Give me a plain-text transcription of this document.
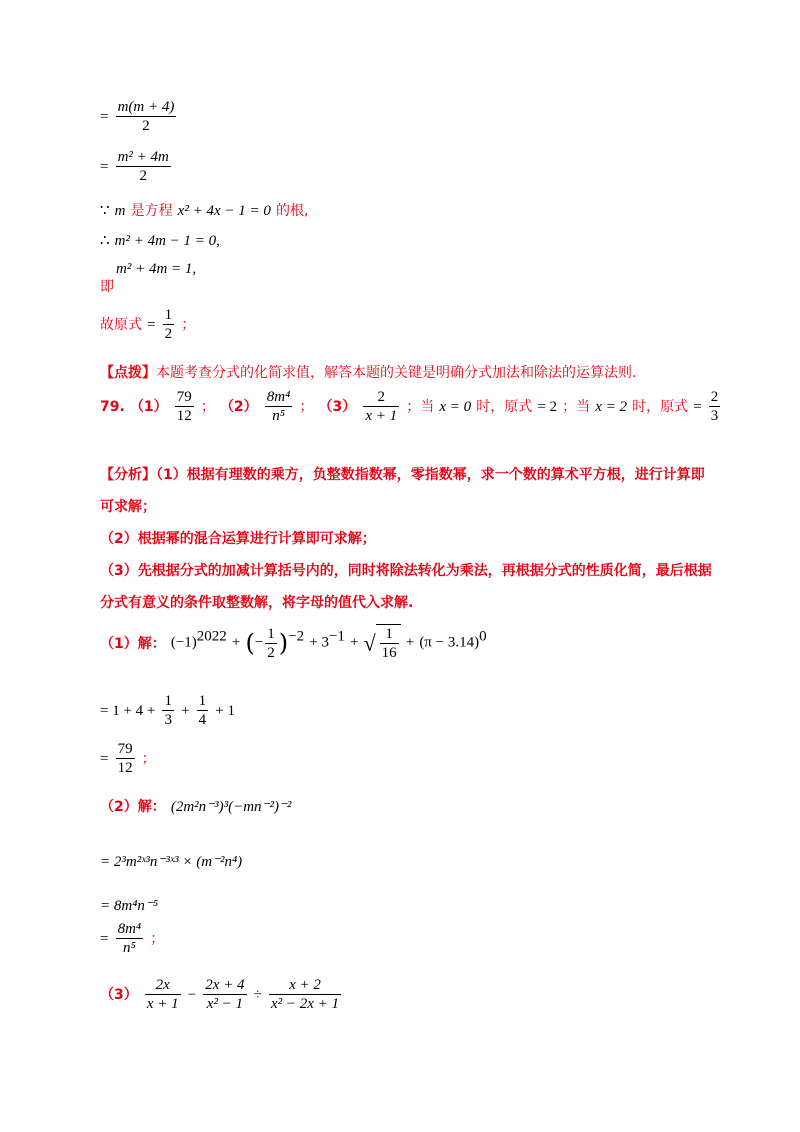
= $\frac{m(m + 4)}{2}$
= $\frac{\text{m² + 4m}}{2}$
∵ m 是方程 x² + 4x − 1 = 0 的根,
∴ m² + 4m − 1 = 0,
m² + 4m = 1,
即
故原式 = $\frac{1}{2}$ ；
【点拨】本题考查分式的化简求值，解答本题的关键是明确分式加法和除法的运算法则.
79. $(1) \frac{79}{12}$ ； $(2) \frac{\text{8m⁴}}{\text{n⁵}}$ ； $(3) \frac{2}{x + 1}$ ；当 x = 0 时，原式 = 2 ；当 x = 2 时，原式 = $\frac{2}{3}$
【分析】（1）根据有理数的乘方，负整数指数幂，零指数幂，求一个数的算术平方根，进行计算即
可求解；
（2）根据幂的混合运算进行计算即可求解；
（3）先根据分式的加减计算括号内的，同时将除法转化为乘法，再根据分式的性质化简，最后根据
分式有意义的条件取整数解，将字母的值代入求解.
（1）解： $(-1)^{2022}$ + (− $\frac{1}{2} )^{-2} + 3^{-1}$ + √ $\frac{1}{16} + (\pi - 3.14)^0$
= $1 + 4 + \frac{1}{3} + \frac{1}{4} + 1$
= $\frac{79}{12}$ ；
（2）解： (2m²n⁻³)³(−mn⁻²)⁻²
= 2³m²ˣ³n⁻³ˣ³ × (m⁻²n⁴)
= 8m⁴n⁻⁵
= $\frac{\text{8m⁴}}{\text{n⁵}}$ ；
$(3) \frac{2x}{x + 1} - \frac{2x + 4}{\text{x² − 1}} \div \frac{x + 2}{\text{x² − 2x + 1}}$
